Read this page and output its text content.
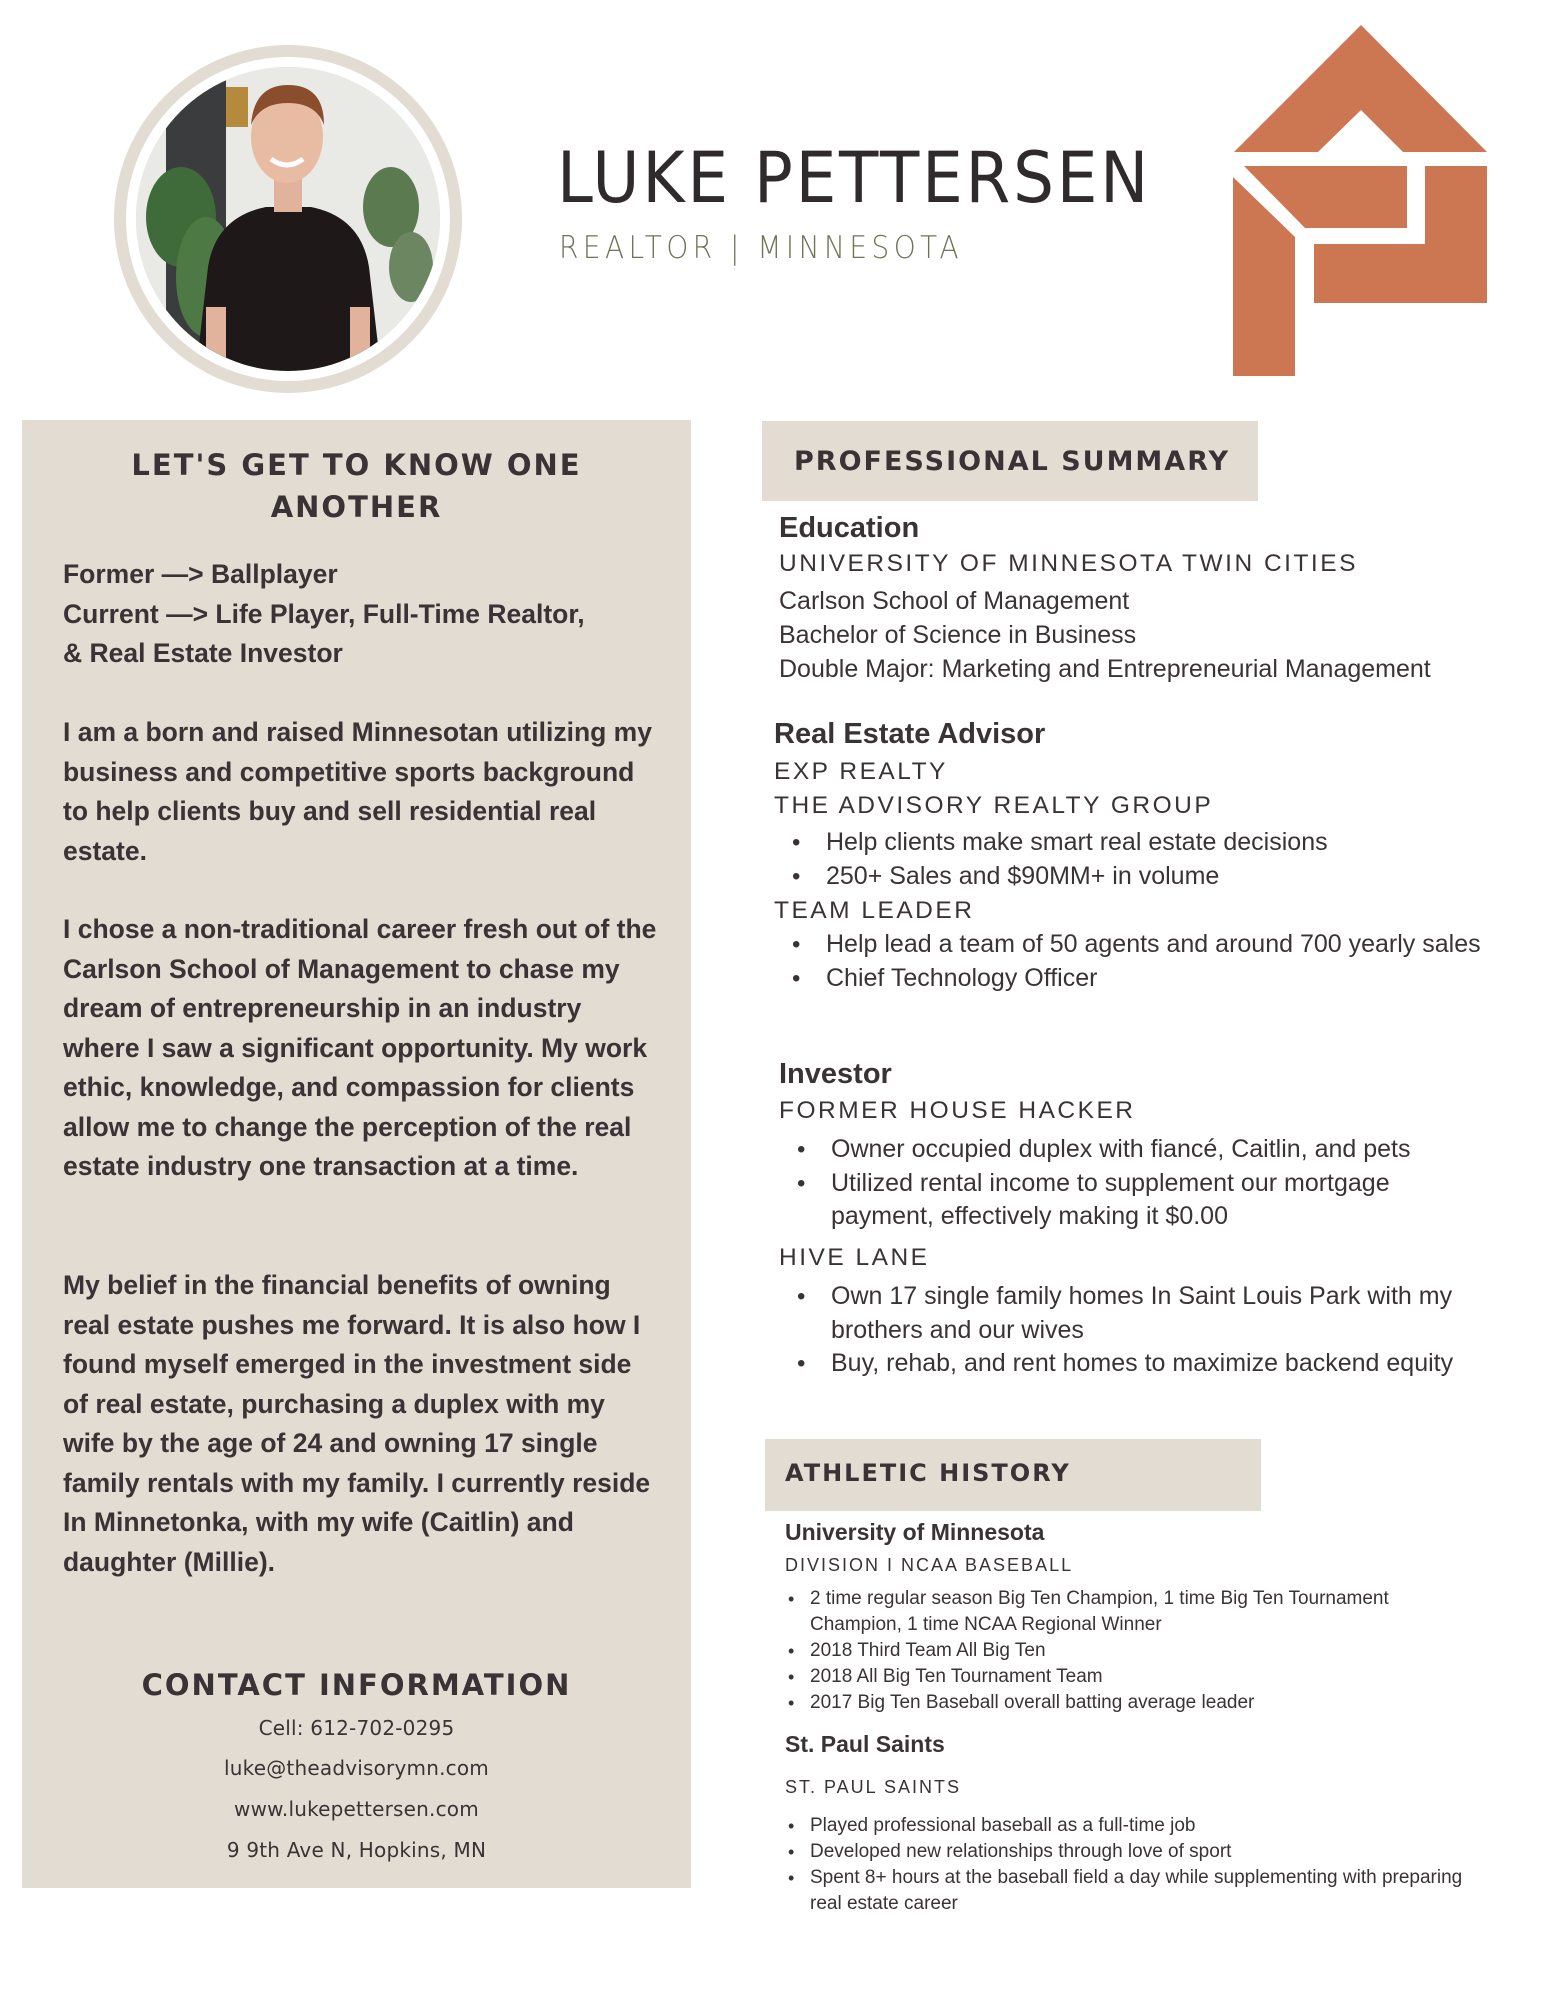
LUKE PETTERSEN
REALTOR | MINNESOTA
LET'S GET TO KNOW ONE
ANOTHER
Former —> Ballplayer
Current —> Life Player, Full-Time Realtor,
& Real Estate Investor
I am a born and raised Minnesotan utilizing my business and competitive sports background to help clients buy and sell residential real estate.
I chose a non-traditional career fresh out of the Carlson School of Management to chase my dream of entrepreneurship in an industry where I saw a significant opportunity. My work ethic, knowledge, and compassion for clients allow me to change the perception of the real estate industry one transaction at a time.
My belief in the financial benefits of owning real estate pushes me forward. It is also how I found myself emerged in the investment side of real estate, purchasing a duplex with my wife by the age of 24 and owning 17 single family rentals with my family. I currently reside In Minnetonka, with my wife (Caitlin) and daughter (Millie).
CONTACT INFORMATION
Cell: 612-702-0295
luke@theadvisorymn.com
www.lukepettersen.com
9 9th Ave N, Hopkins, MN
PROFESSIONAL SUMMARY
Education
UNIVERSITY OF MINNESOTA TWIN CITIES
Carlson School of Management
Bachelor of Science in Business
Double Major: Marketing and Entrepreneurial Management
Real Estate Advisor
EXP REALTY
THE ADVISORY REALTY GROUP
• Help clients make smart real estate decisions
• 250+ Sales and $90MM+ in volume
TEAM LEADER
• Help lead a team of 50 agents and around 700 yearly sales
• Chief Technology Officer
Investor
FORMER HOUSE HACKER
• Owner occupied duplex with fiancé, Caitlin, and pets
• Utilized rental income to supplement our mortgage payment, effectively making it $0.00
HIVE LANE
• Own 17 single family homes In Saint Louis Park with my brothers and our wives
• Buy, rehab, and rent homes to maximize backend equity
ATHLETIC HISTORY
University of Minnesota
DIVISION I NCAA BASEBALL
• 2 time regular season Big Ten Champion, 1 time Big Ten Tournament Champion, 1 time NCAA Regional Winner
• 2018 Third Team All Big Ten
• 2018 All Big Ten Tournament Team
• 2017 Big Ten Baseball overall batting average leader
St. Paul Saints
ST. PAUL SAINTS
• Played professional baseball as a full-time job
• Developed new relationships through love of sport
• Spent 8+ hours at the baseball field a day while supplementing with preparing real estate career
